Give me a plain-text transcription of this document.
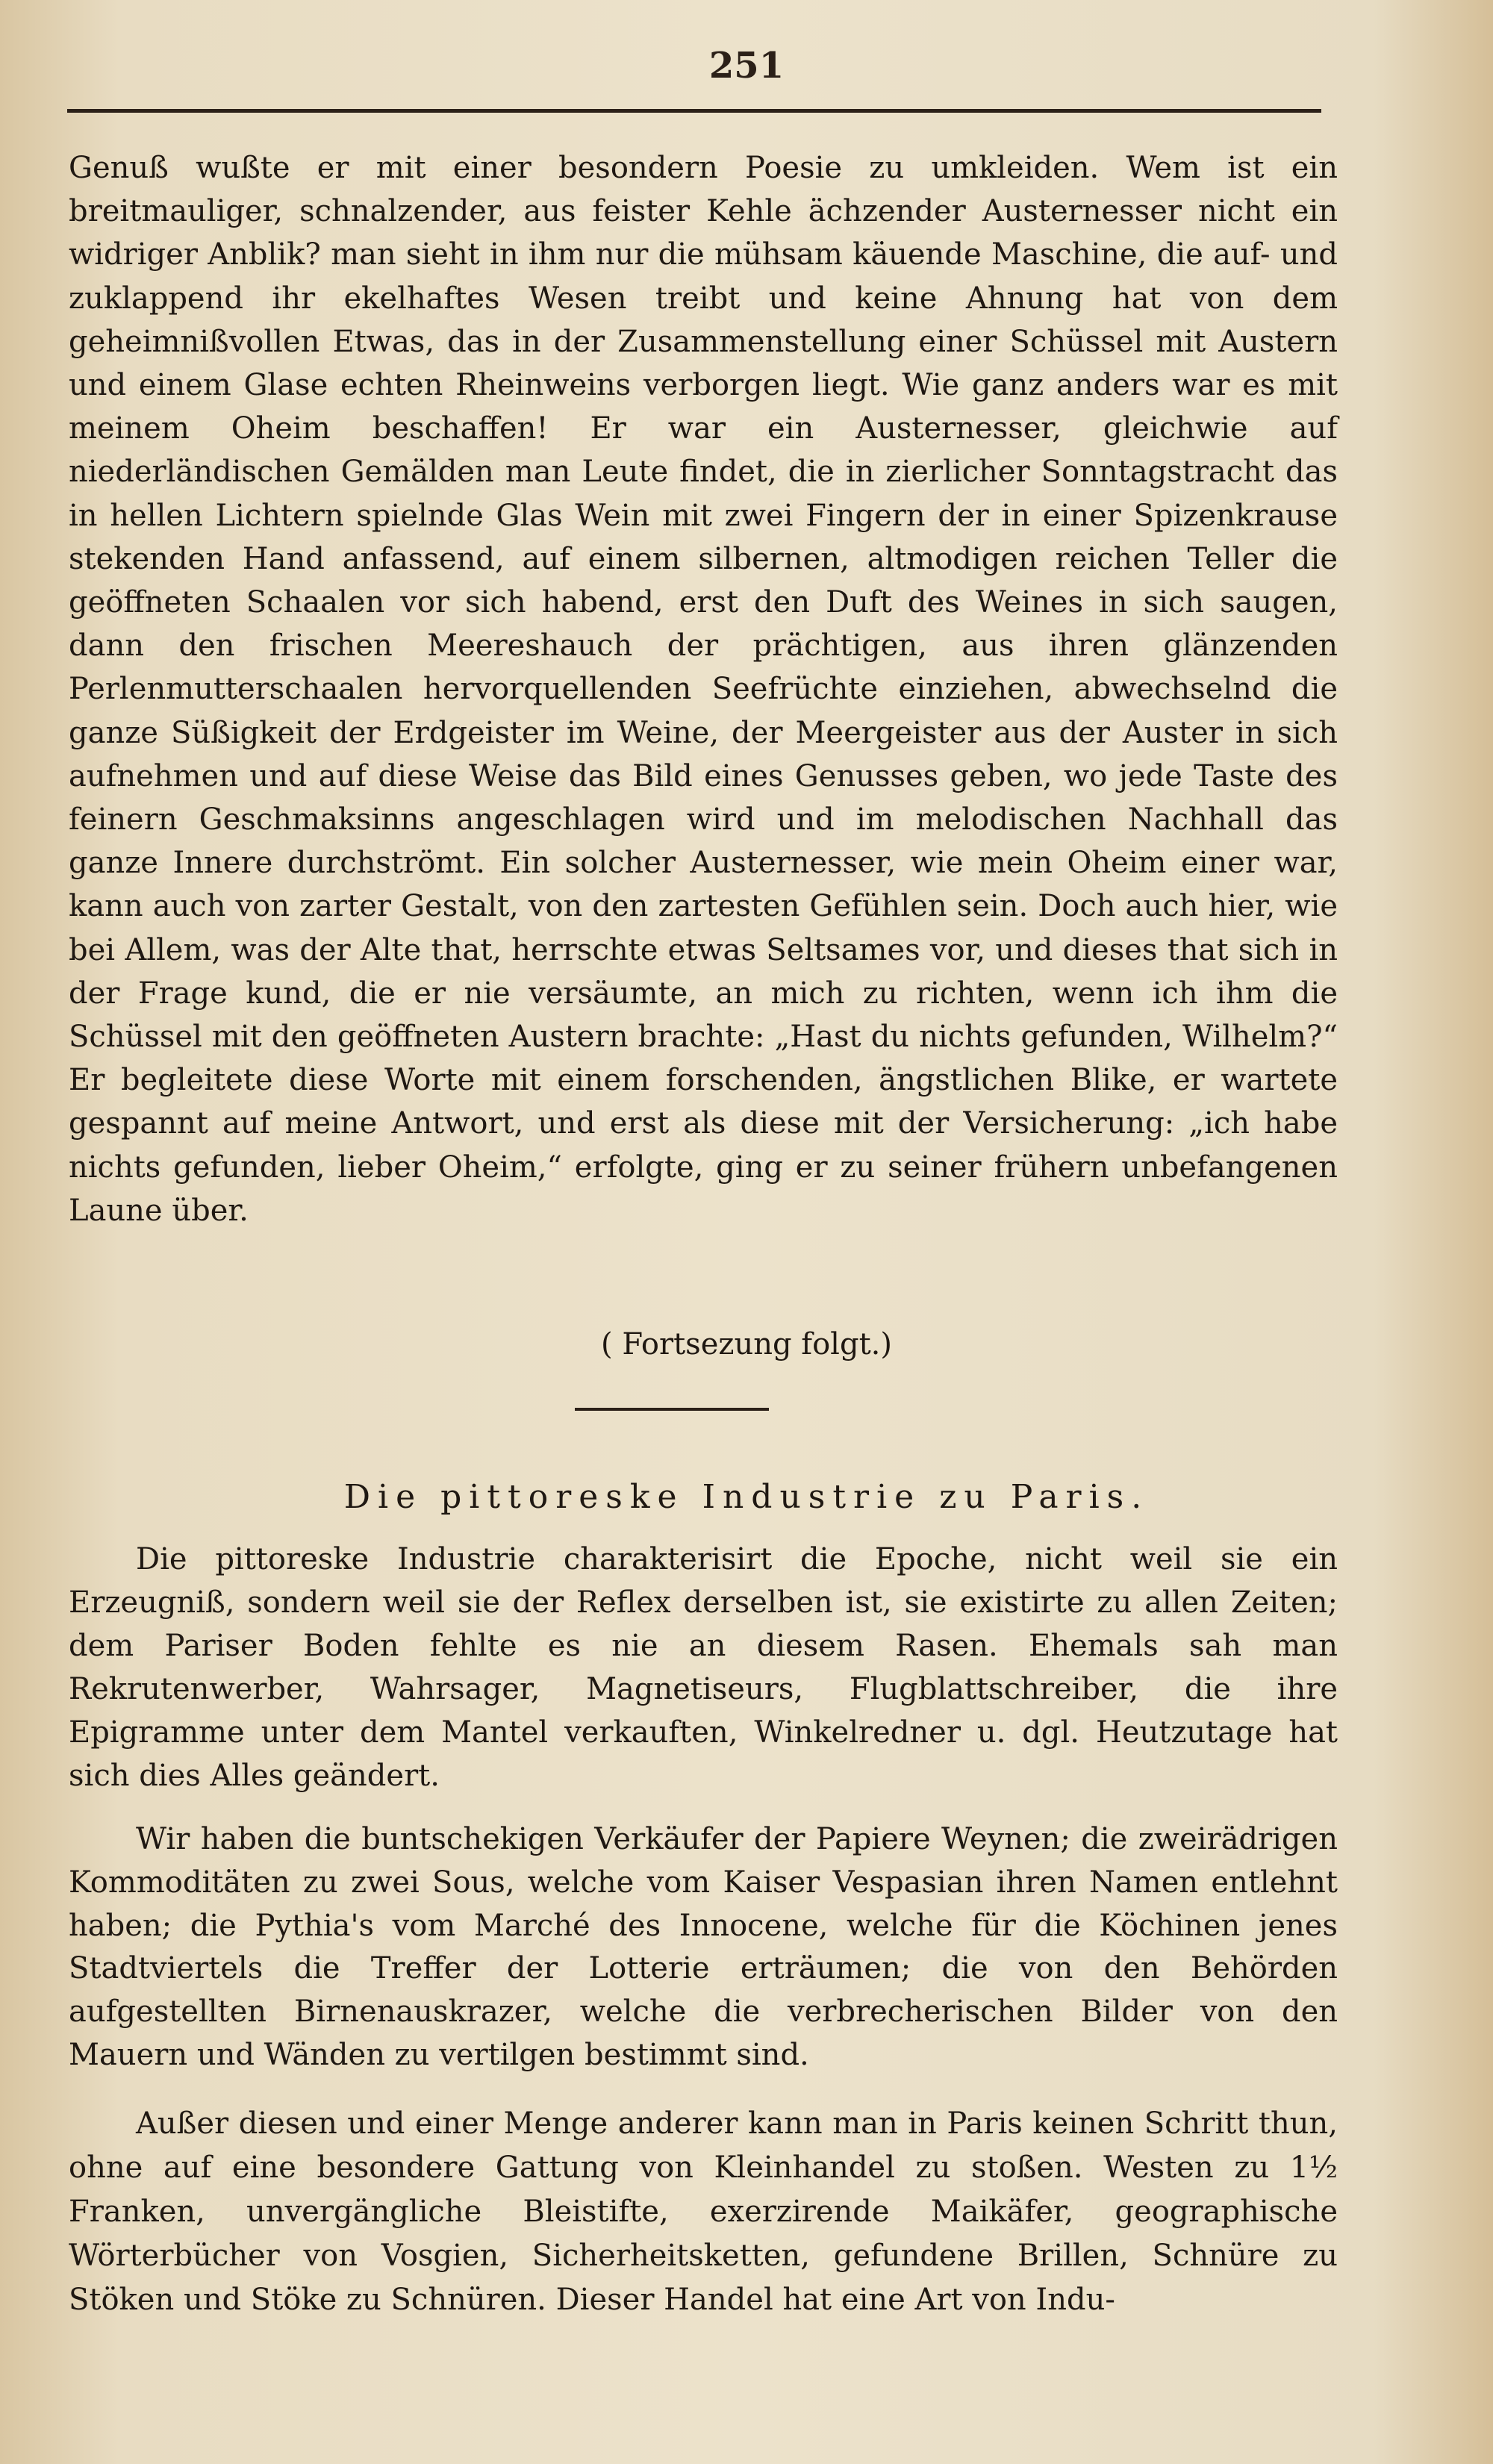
251
Genuß wußte er mit einer besondern Poesie zu umkleiden. Wem ist ein breitmauliger, schnalzender, aus feister Kehle ächzender Austernesser nicht ein widriger Anblik? man sieht in ihm nur die mühsam käuende Maschine, die auf- und zuklappend ihr ekelhaftes Wesen treibt und keine Ahnung hat von dem geheimnißvollen Etwas, das in der Zusammenstellung einer Schüssel mit Austern und einem Glase echten Rheinweins verborgen liegt. Wie ganz anders war es mit meinem Oheim beschaffen! Er war ein Austernesser, gleichwie auf niederländischen Gemälden man Leute findet, die in zierlicher Sonntagstracht das in hellen Lichtern spielnde Glas Wein mit zwei Fingern der in einer Spizenkrause stekenden Hand anfassend, auf einem silbernen, altmodigen reichen Teller die geöffneten Schaalen vor sich habend, erst den Duft des Weines in sich saugen, dann den frischen Meereshauch der prächtigen, aus ihren glänzenden Perlenmutterschaalen hervorquellenden Seefrüchte einziehen, abwechselnd die ganze Süßigkeit der Erdgeister im Weine, der Meergeister aus der Auster in sich aufnehmen und auf diese Weise das Bild eines Genusses geben, wo jede Taste des feinern Geschmaksinns angeschlagen wird und im melodischen Nachhall das ganze Innere durchströmt. Ein solcher Austernesser, wie mein Oheim einer war, kann auch von zarter Gestalt, von den zartesten Gefühlen sein. Doch auch hier, wie bei Allem, was der Alte that, herrschte etwas Seltsames vor, und dieses that sich in der Frage kund, die er nie versäumte, an mich zu richten, wenn ich ihm die Schüssel mit den geöffneten Austern brachte: „Hast du nichts gefunden, Wilhelm?“ Er begleitete diese Worte mit einem forschenden, ängstlichen Blike, er wartete gespannt auf meine Antwort, und erst als diese mit der Versicherung: „ich habe nichts gefunden, lieber Oheim,“ erfolgte, ging er zu seiner frühern unbefangenen Laune über.
( Fortsezung folgt.)
Die pittoreske Industrie zu Paris.
Die pittoreske Industrie charakterisirt die Epoche, nicht weil sie ein Erzeugniß, sondern weil sie der Reflex derselben ist, sie existirte zu allen Zeiten; dem Pariser Boden fehlte es nie an diesem Rasen. Ehemals sah man Rekrutenwerber, Wahrsager, Magnetiseurs, Flugblattschreiber, die ihre Epigramme unter dem Mantel verkauften, Winkelredner u. dgl. Heutzutage hat sich dies Alles geändert.
Wir haben die buntschekigen Verkäufer der Papiere Weynen; die zweirädrigen Kommoditäten zu zwei Sous, welche vom Kaiser Vespasian ihren Namen entlehnt haben; die Pythia's vom Marché des Innocene, welche für die Köchinen jenes Stadtviertels die Treffer der Lotterie erträumen; die von den Behörden aufgestellten Birnenauskrazer, welche die verbrecherischen Bilder von den Mauern und Wänden zu vertilgen bestimmt sind.
Außer diesen und einer Menge anderer kann man in Paris keinen Schritt thun, ohne auf eine besondere Gattung von Kleinhandel zu stoßen. Westen zu 1½ Franken, unvergängliche Bleistifte, exerzirende Maikäfer, geographische Wörterbücher von Vosgien, Sicherheitsketten, gefundene Brillen, Schnüre zu Stöken und Stöke zu Schnüren. Dieser Handel hat eine Art von Indu-
